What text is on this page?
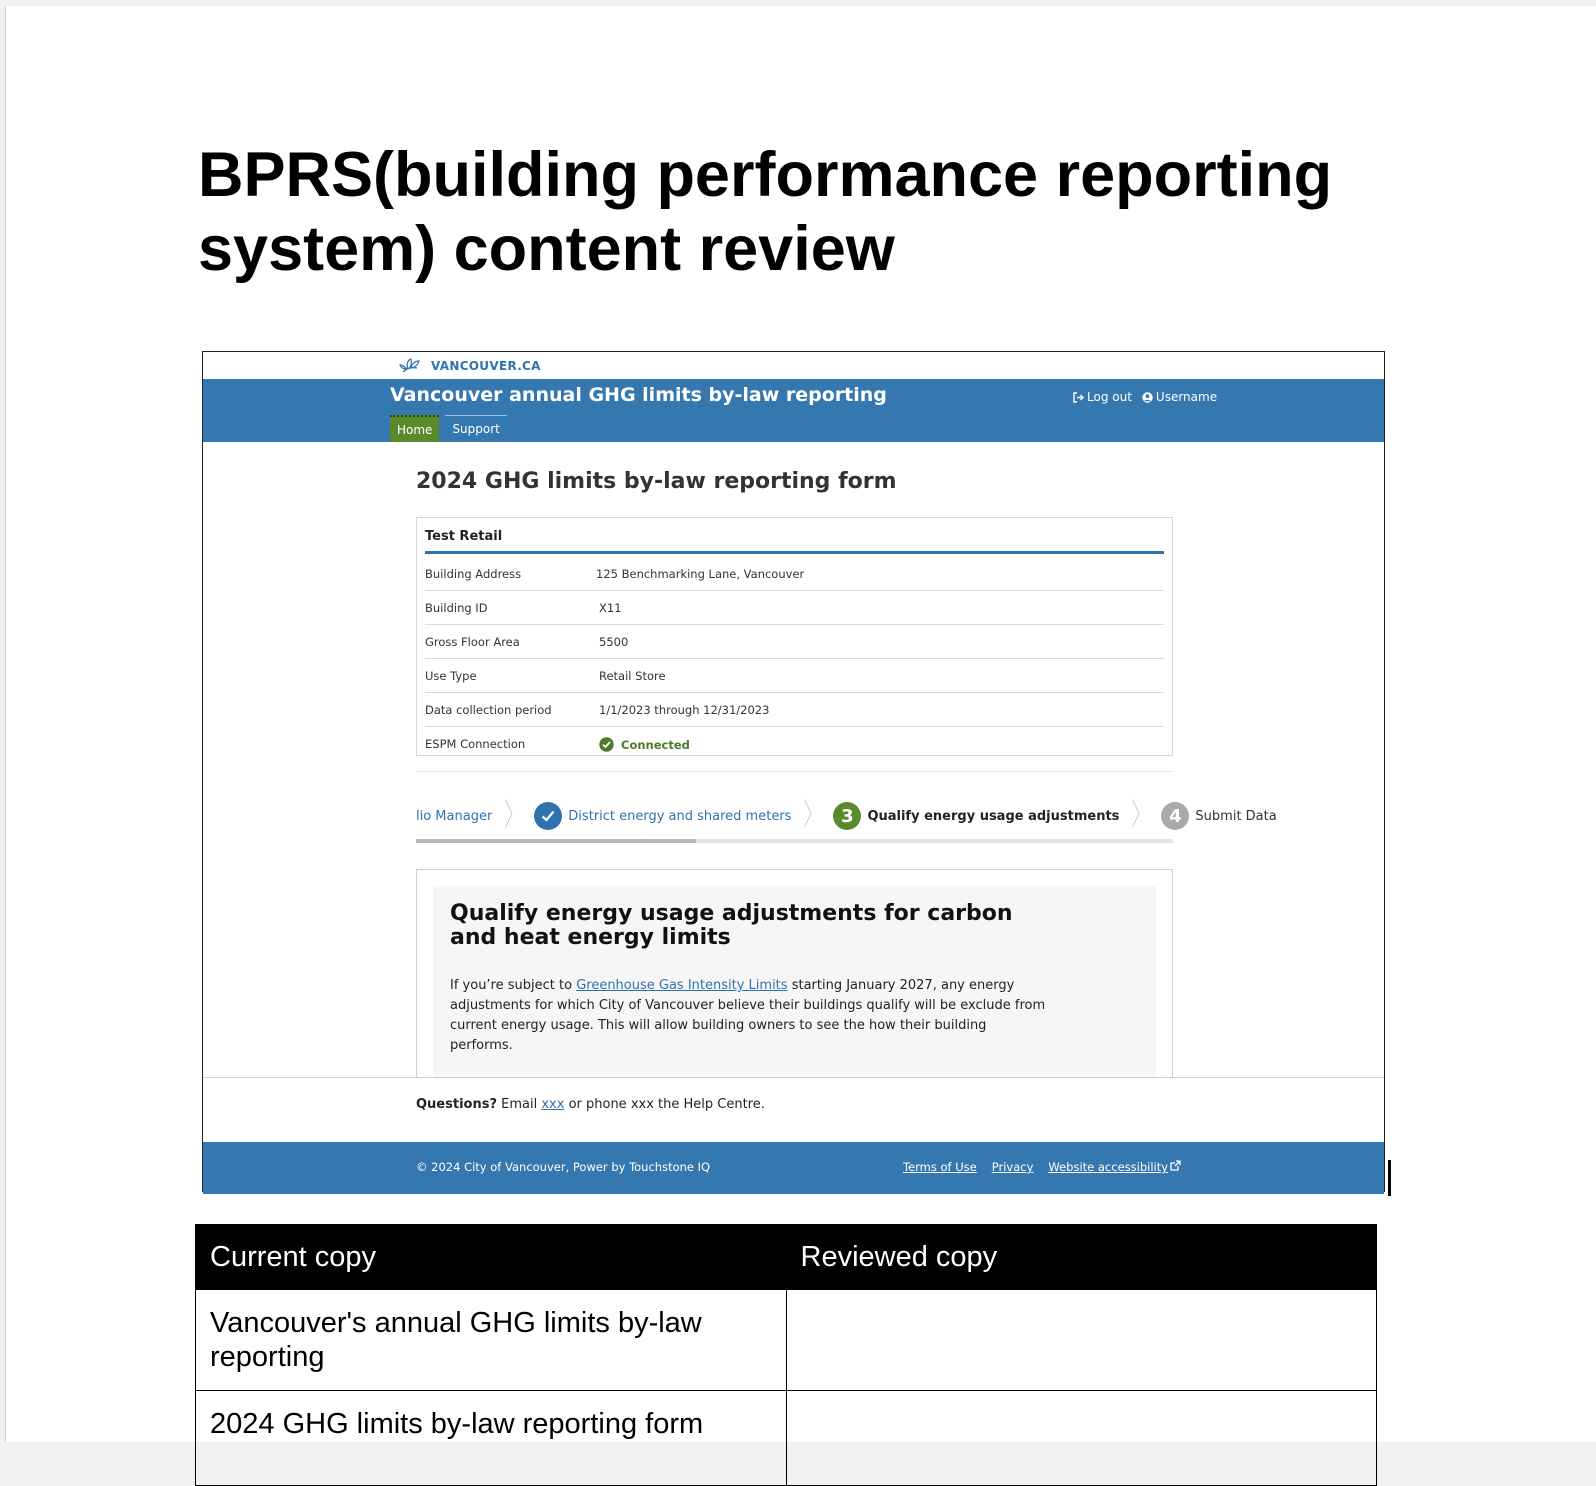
BPRS(building performance reporting system) content review
VANCOUVER.CA
Vancouver annual GHG limits by-law reporting	Log out Username
Home	Support
2024 GHG limits by-law reporting form
Test Retail
Building Address	125 Benchmarking Lane, Vancouver
Building ID	X11
Gross Floor Area	5500
Use Type	Retail Store
Data collection period	1/1/2023 through 12/31/2023
ESPM Connection	Connected
lio Manager 〉	District energy and shared meters 〉	3	Qualify energy usage adjustments 〉	4	Submit Data
Qualify energy usage adjustments for carbon and heat energy limits

If you’re subject to Greenhouse Gas Intensity Limits starting January 2027, any energy adjustments for which City of Vancouver believe their buildings qualify will be exclude from current energy usage. This will allow building owners to see the how their building performs.

Questions? Email xxx or phone xxx the Help Centre.
© 2024 City of Vancouver, Power by Touchstone IQ	Terms of Use Privacy Website accessibility
Current copy	Reviewed copy
Vancouver's annual GHG limits by-law reporting	
2024 GHG limits by-law reporting form	
